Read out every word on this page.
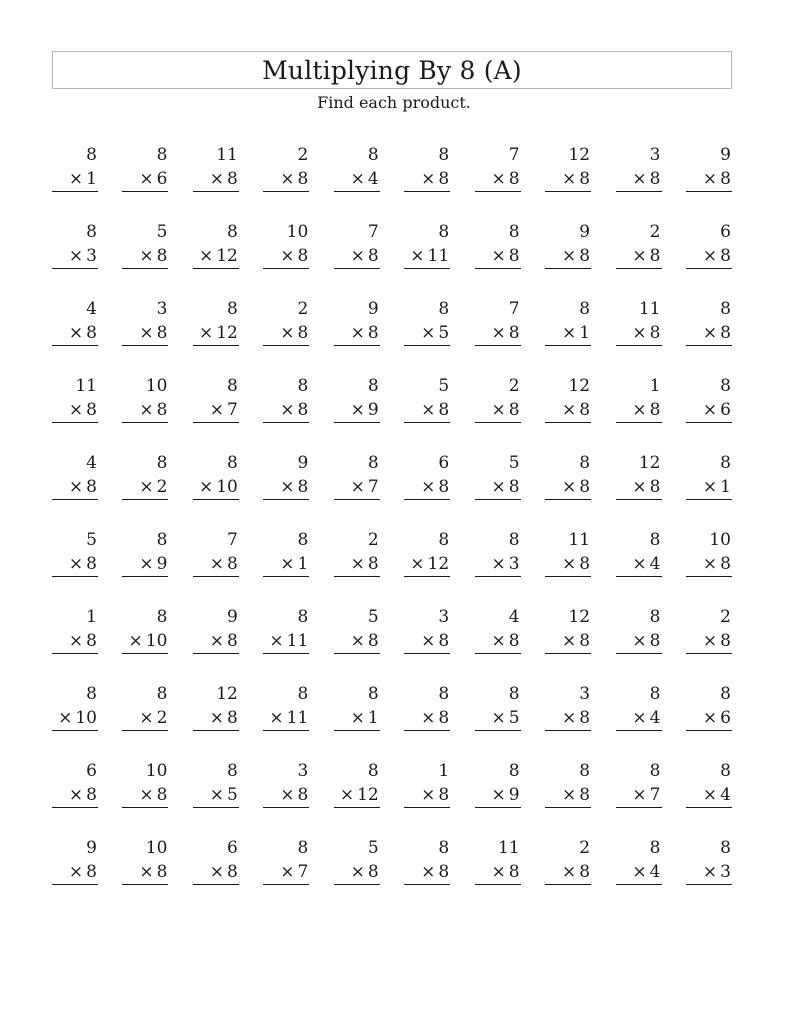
Multiplying By 8 (A)
Find each product.
8
× 1
8
× 6
11
× 8
2
× 8
8
× 4
8
× 8
7
× 8
12
× 8
3
× 8
9
× 8
8
× 3
5
× 8
8
× 12
10
× 8
7
× 8
8
× 11
8
× 8
9
× 8
2
× 8
6
× 8
4
× 8
3
× 8
8
× 12
2
× 8
9
× 8
8
× 5
7
× 8
8
× 1
11
× 8
8
× 8
11
× 8
10
× 8
8
× 7
8
× 8
8
× 9
5
× 8
2
× 8
12
× 8
1
× 8
8
× 6
4
× 8
8
× 2
8
× 10
9
× 8
8
× 7
6
× 8
5
× 8
8
× 8
12
× 8
8
× 1
5
× 8
8
× 9
7
× 8
8
× 1
2
× 8
8
× 12
8
× 3
11
× 8
8
× 4
10
× 8
1
× 8
8
× 10
9
× 8
8
× 11
5
× 8
3
× 8
4
× 8
12
× 8
8
× 8
2
× 8
8
× 10
8
× 2
12
× 8
8
× 11
8
× 1
8
× 8
8
× 5
3
× 8
8
× 4
8
× 6
6
× 8
10
× 8
8
× 5
3
× 8
8
× 12
1
× 8
8
× 9
8
× 8
8
× 7
8
× 4
9
× 8
10
× 8
6
× 8
8
× 7
5
× 8
8
× 8
11
× 8
2
× 8
8
× 4
8
× 3
